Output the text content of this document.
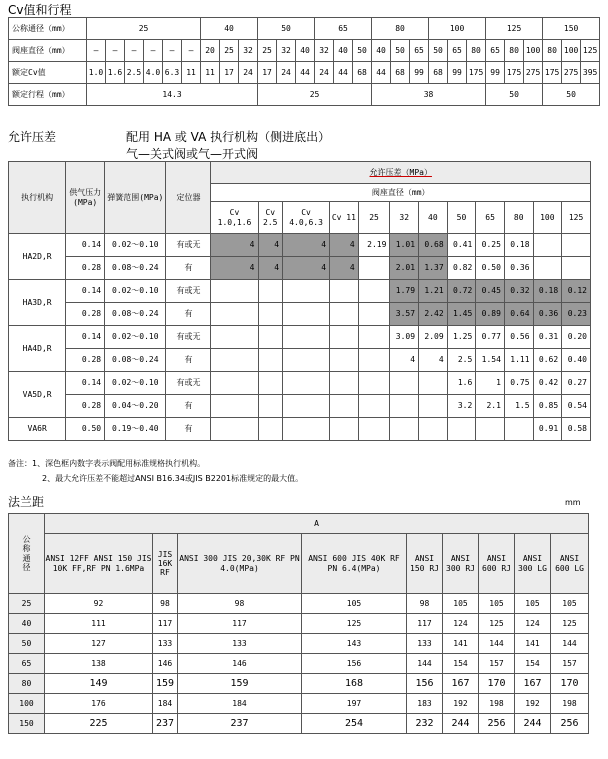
Cv值和行程
公称通径（mm）	25						40			50			65			80			100			125			150		
阀座直径（mm）	–	–	–	–	–	–	20	25	32	25	32	40	32	40	50	40	50	65	50	65	80	65	80	100	80	100	125
额定Cv值	1.0	1.6	2.5	4.0	6.3	11	11	17	24	17	24	44	24	44	68	44	68	99	68	99	175	99	175	275	175	275	395
额定行程（mm）	14.3									25						38						50			50		
允许压差	配用 HA 或 VA 执行机构（侧进底出）
气—关式阀或气—开式阀
执行机构	供气压力(MPa)	弹簧范围(MPa)	定位器	允许压差（MPa）											
				阀座直径（mm）											
				Cv 1.0,1.6	Cv 2.5	Cv 4.0,6.3	Cv 11	25	32	40	50	65	80	100	125
HA2D,R	0.14	0.02～0.10	有或无	4	4	4	4	2.19	1.01	0.68	0.41	0.25	0.18		
	0.28	0.08～0.24	有	4	4	4	4		2.01	1.37	0.82	0.50	0.36		
HA3D,R	0.14	0.02～0.10	有或无						1.79	1.21	0.72	0.45	0.32	0.18	0.12
	0.28	0.08～0.24	有						3.57	2.42	1.45	0.89	0.64	0.36	0.23
HA4D,R	0.14	0.02～0.10	有或无						3.09	2.09	1.25	0.77	0.56	0.31	0.20
	0.28	0.08～0.24	有						4	4	2.5	1.54	1.11	0.62	0.40
VA5D,R	0.14	0.02～0.10	有或无								1.6	1	0.75	0.42	0.27
	0.28	0.04～0.20	有								3.2	2.1	1.5	0.85	0.54
VA6R	0.50	0.19～0.40	有											0.91	0.58
备注：1、深色框内数字表示阀配用标准规格执行机构。
2、最大允许压差不能超过ANSI B16.34或JIS B2201标准规定的最大值。
法兰距	mm
公称通径	A								
	ANSI 12FF ANSI 150 JIS 10K FF,RF PN 1.6MPa	JIS 16K RF	ANSI 300 JIS 20,30K RF PN 4.0(MPa)	ANSI 600 JIS 40K RF PN 6.4(MPa)	ANSI 150 RJ	ANSI 300 RJ	ANSI 600 RJ	ANSI 300 LG	ANSI 600 LG
25	92	98	98	105	98	105	105	105	105
40	111	117	117	125	117	124	125	124	125
50	127	133	133	143	133	141	144	141	144
65	138	146	146	156	144	154	157	154	157
80	149	159	159	168	156	167	170	167	170
100	176	184	184	197	183	192	198	192	198
150	225	237	237	254	232	244	256	244	256
